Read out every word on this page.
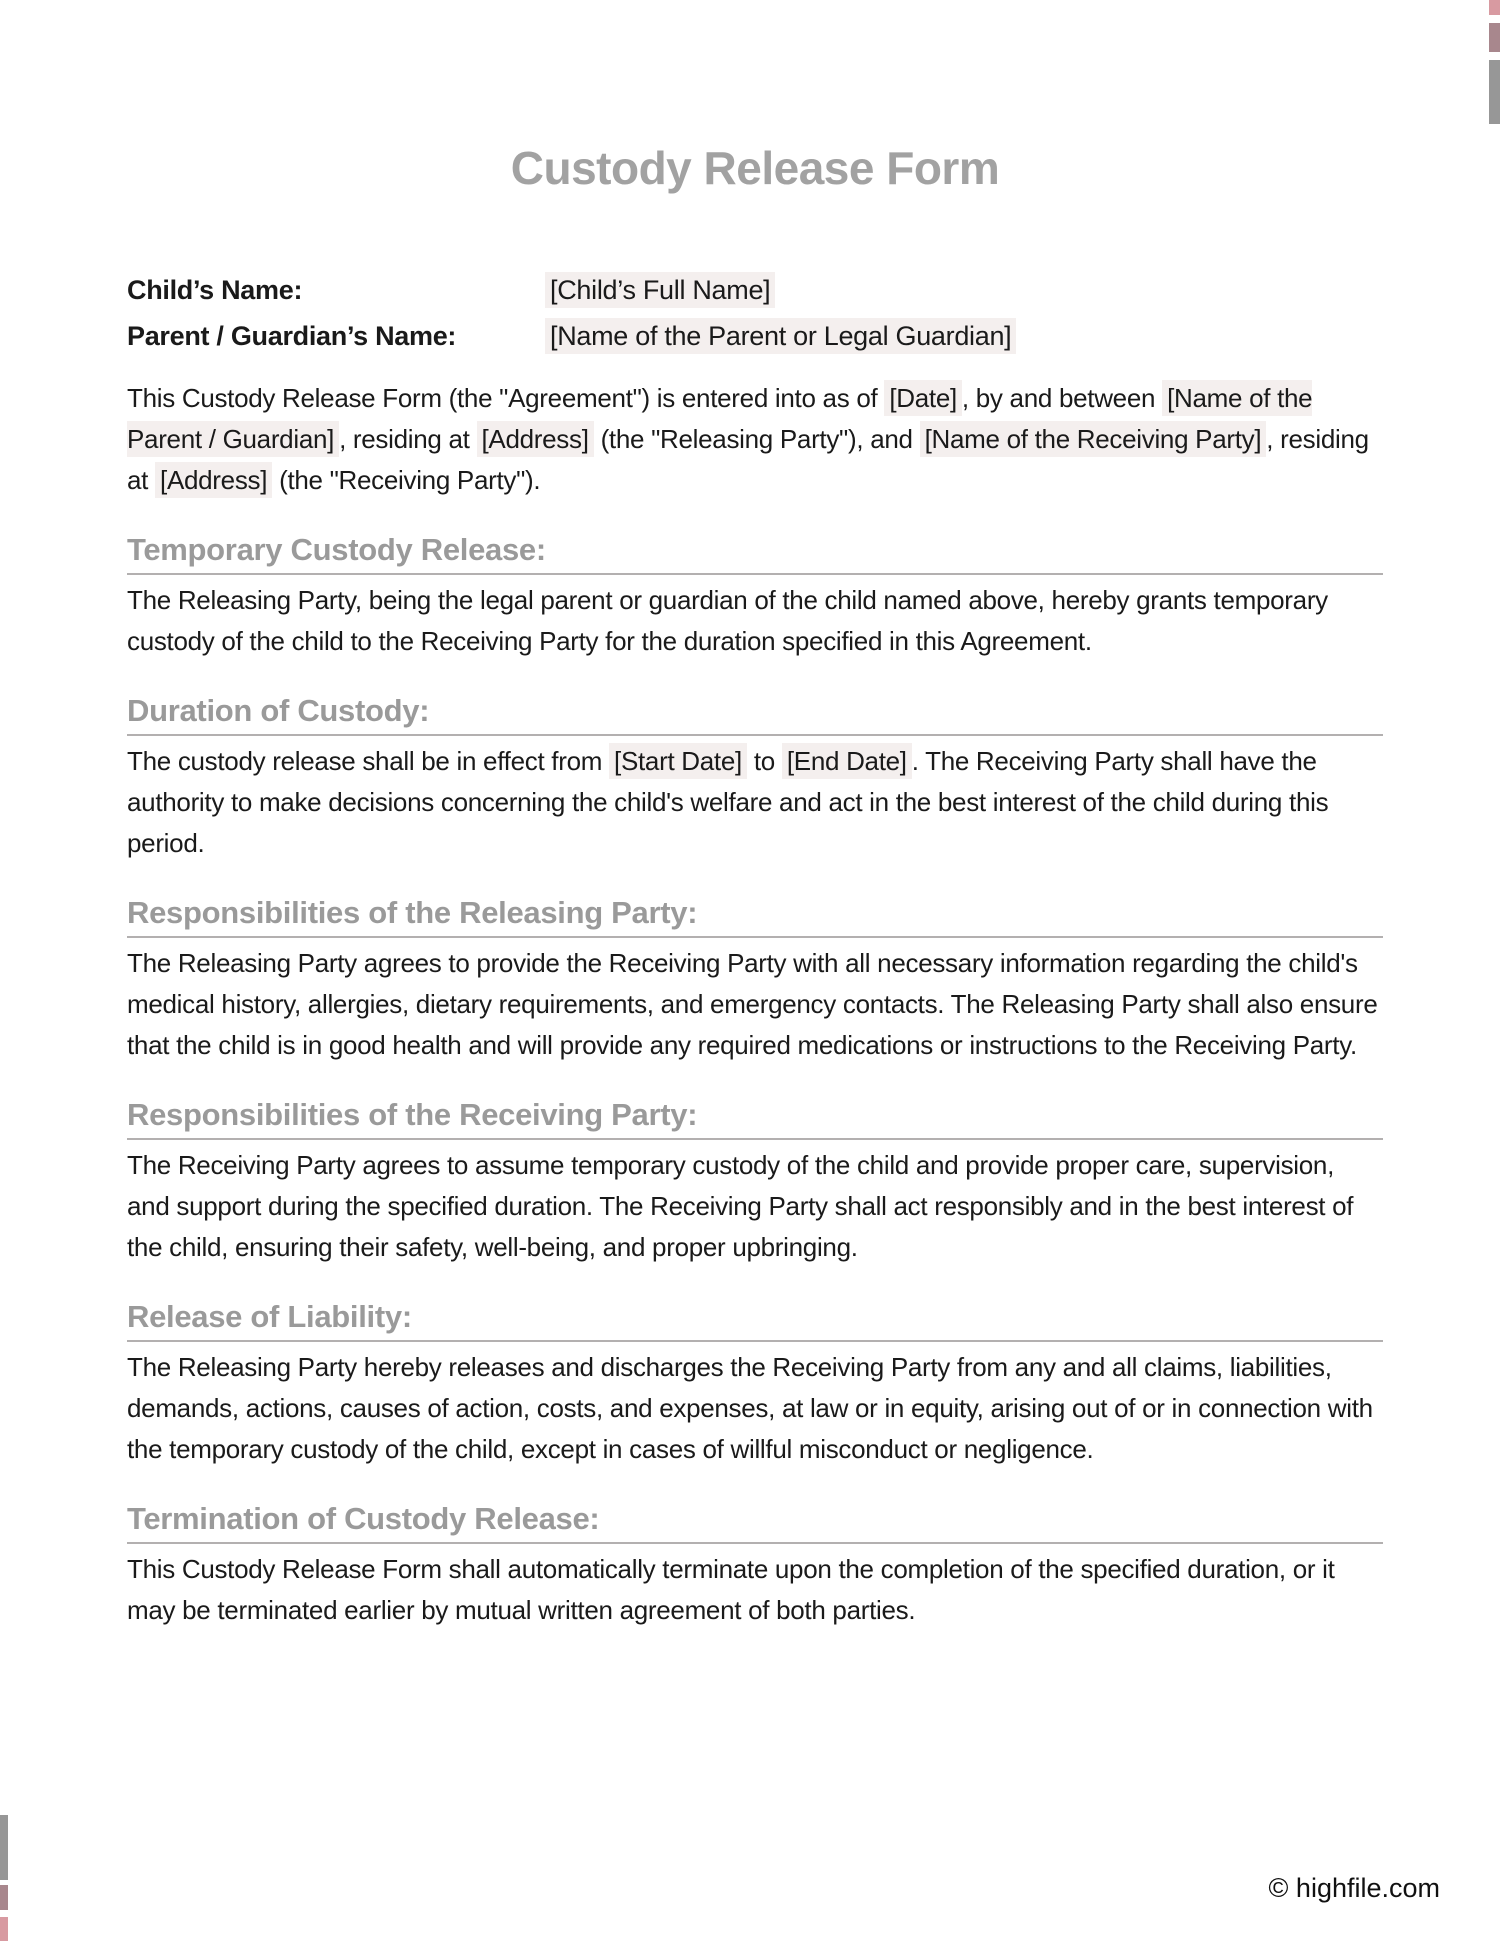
Custody Release Form
Child’s Name:	[Child’s Full Name]
Parent / Guardian’s Name:	[Name of the Parent or Legal Guardian]

This Custody Release Form (the "Agreement") is entered into as of [Date] , by and between [Name of the Parent / Guardian] , residing at [Address] (the "Releasing Party"), and [Name of the Receiving Party] , residing at [Address] (the "Receiving Party").

Temporary Custody Release:

The Releasing Party, being the legal parent or guardian of the child named above, hereby grants temporary custody of the child to the Receiving Party for the duration specified in this Agreement.

Duration of Custody:

The custody release shall be in effect from [Start Date] to [End Date] . The Receiving Party shall have the authority to make decisions concerning the child's welfare and act in the best interest of the child during this period.

Responsibilities of the Releasing Party:

The Releasing Party agrees to provide the Receiving Party with all necessary information regarding the child's medical history, allergies, dietary requirements, and emergency contacts. The Releasing Party shall also ensure that the child is in good health and will provide any required medications or instructions to the Receiving Party.

Responsibilities of the Receiving Party:

The Receiving Party agrees to assume temporary custody of the child and provide proper care, supervision, and support during the specified duration. The Receiving Party shall act responsibly and in the best interest of the child, ensuring their safety, well-being, and proper upbringing.

Release of Liability:

The Releasing Party hereby releases and discharges the Receiving Party from any and all claims, liabilities, demands, actions, causes of action, costs, and expenses, at law or in equity, arising out of or in connection with the temporary custody of the child, except in cases of willful misconduct or negligence.

Termination of Custody Release:

This Custody Release Form shall automatically terminate upon the completion of the specified duration, or it may be terminated earlier by mutual written agreement of both parties.

© highfile.com
